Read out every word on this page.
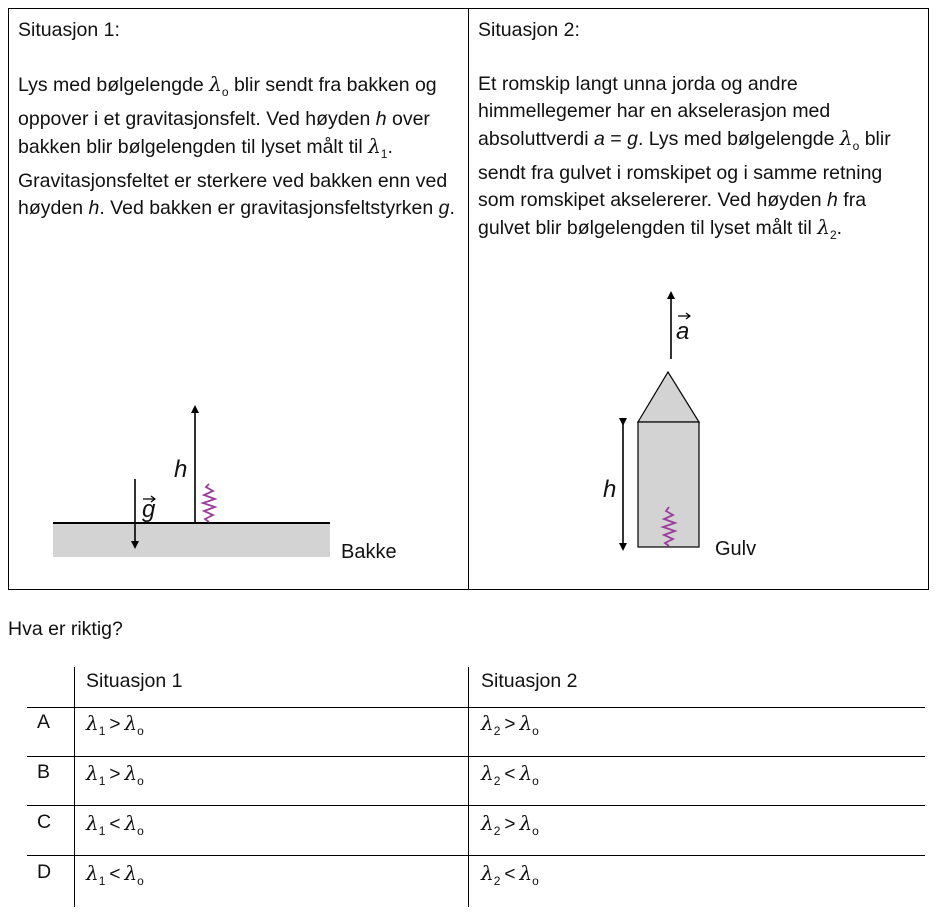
Situasjon 1:

Lys med bølgelengde $\lambda_o$ blir sendt fra bakken og oppover i et gravitasjonsfelt. Ved høyden h over bakken blir bølgelengden til lyset målt til $\lambda_1$. Gravitasjonsfeltet er sterkere ved bakken enn ved høyden h. Ved bakken er gravitasjonsfeltstyrken g.

Situasjon 2:

Et romskip langt unna jorda og andre himmellegemer har en akselerasjon med absoluttverdi a = g. Lys med bølgelengde $\lambda_o$ blir sendt fra gulvet i romskipet og i samme retning som romskipet akselererer. Ved høyden h fra gulvet blir bølgelengden til lyset målt til $\lambda_2$.

h
g
Bakke
a
h
Gulv
Hva er riktig?
Situasjon 1	Situasjon 2
A $\lambda_1 > \lambda_o$	$\lambda_2 > \lambda_o$
B $\lambda_1 > \lambda_o$	$\lambda_2 < \lambda_o$
C $\lambda_1 < \lambda_o$	$\lambda_2 > \lambda_o$
D $\lambda_1 < \lambda_o$	$\lambda_2 < \lambda_o$
